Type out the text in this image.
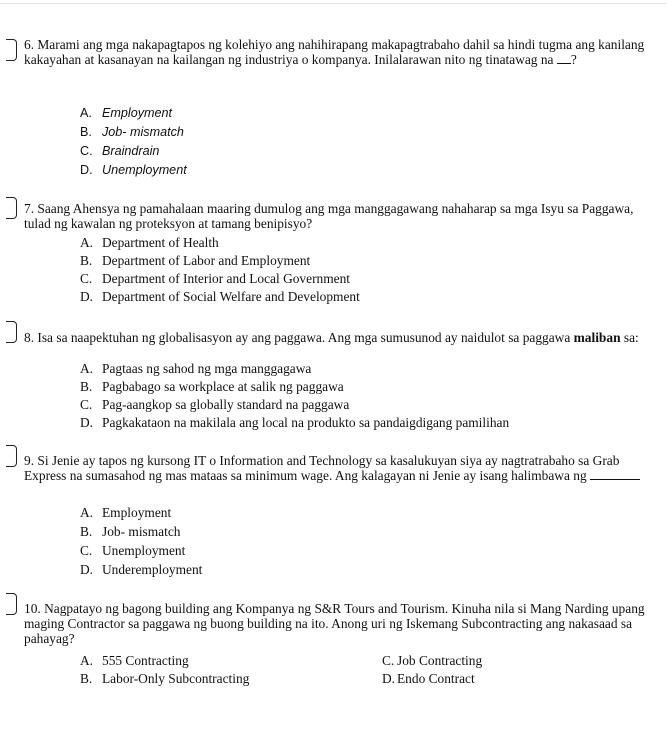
6. Marami ang mga nakapagtapos ng kolehiyo ang nahihirapang makapagtrabaho dahil sa hindi tugma ang kanilang kakayahan at kasanayan na kailangan ng industriya o kompanya. Inilalarawan nito ng tinatawag na ?
A. Employment
B. Job- mismatch
C. Braindrain
D. Unemployment
7. Saang Ahensya ng pamahalaan maaring dumulog ang mga manggagawang nahaharap sa mga Isyu sa Paggawa, tulad ng kawalan ng proteksyon at tamang benipisyo?
A. Department of Health
B. Department of Labor and Employment
C. Department of Interior and Local Government
D. Department of Social Welfare and Development
8. Isa sa naapektuhan ng globalisasyon ay ang paggawa. Ang mga sumusunod ay naidulot sa paggawa maliban sa:
A. Pagtaas ng sahod ng mga manggagawa
B. Pagbabago sa workplace at salik ng paggawa
C. Pag-aangkop sa globally standard na paggawa
D. Pagkakataon na makilala ang local na produkto sa pandaigdigang pamilihan
9. Si Jenie ay tapos ng kursong IT o Information and Technology sa kasalukuyan siya ay nagtratrabaho sa Grab Express na sumasahod ng mas mataas sa minimum wage. Ang kalagayan ni Jenie ay isang halimbawa ng
A. Employment
B. Job- mismatch
C. Unemployment
D. Underemployment
10. Nagpatayo ng bagong building ang Kompanya ng S&R Tours and Tourism. Kinuha nila si Mang Narding upang maging Contractor sa paggawa ng buong building na ito. Anong uri ng Iskemang Subcontracting ang nakasaad sa pahayag?
A. 555 Contracting	C. Job Contracting
B. Labor-Only Subcontracting	D. Endo Contract
